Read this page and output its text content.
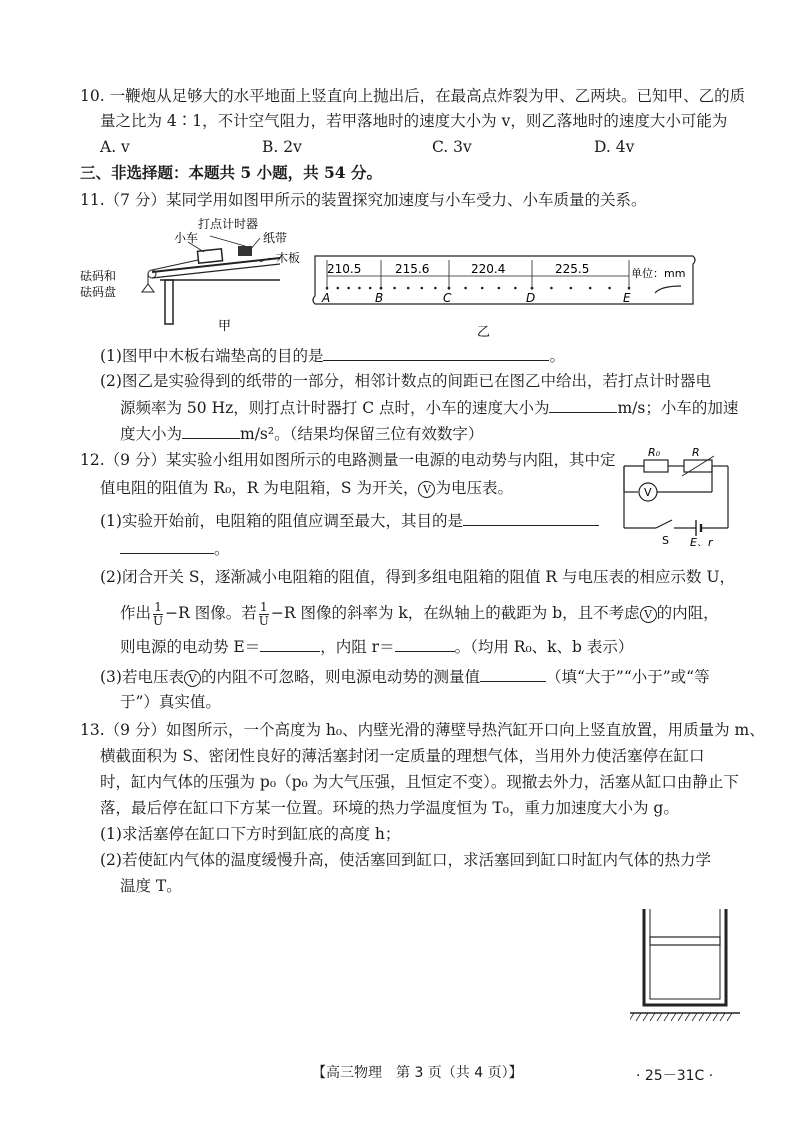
10. 一鞭炮从足够大的水平地面上竖直向上抛出后，在最高点炸裂为甲、乙两块。已知甲、乙的质
量之比为 4∶1，不计空气阻力，若甲落地时的速度大小为 v，则乙落地时的速度大小可能为
A. v	B. 2v	C. 3v	D. 4v
三、非选择题：本题共 5 小题，共 54 分。
11.（7 分）某同学用如图甲所示的装置探究加速度与小车受力、小车质量的关系。
打点计时器
小车	纸带
木板
砝码和
砝码盘
甲
210.5	215.6	220.4	225.5	单位：mm
A	B	C	D	E
乙
(1)图甲中木板右端垫高的目的是	。
(2)图乙是实验得到的纸带的一部分，相邻计数点的间距已在图乙中给出，若打点计时器电
源频率为 50 Hz，则打点计时器打 C 点时，小车的速度大小为	m/s；小车的加速
度大小为	m/s²。（结果均保留三位有效数字）
12.（9 分）某实验小组用如图所示的电路测量一电源的电动势与内阻，其中定
值电阻的阻值为 R₀，R 为电阻箱，S 为开关， V 为电压表。	V
R₀	R
S E、r
(1)实验开始前，电阻箱的阻值应调至最大，其目的是
。
(2)闭合开关 S，逐渐减小电阻箱的阻值，得到多组电阻箱的阻值 R 与电压表的相应示数 U，
作出 $\frac{1}{U} -R$ 图像。若 $\frac{1}{U} -R$ 图像的斜率为 k，在纵轴上的截距为 b，且不考虑 V 的内阻，
则电源的电动势 E＝	，内阻 r＝	。（均用 R₀、k、b 表示）
(3)若电压表 V 的内阻不可忽略，则电源电动势的测量值	（填“大于”“小于”或“等
于”）真实值。
13.（9 分）如图所示，一个高度为 h₀、内壁光滑的薄壁导热汽缸开口向上竖直放置，用质量为 m、
横截面积为 S、密闭性良好的薄活塞封闭一定质量的理想气体，当用外力使活塞停在缸口
时，缸内气体的压强为 p₀（p₀ 为大气压强，且恒定不变）。现撤去外力，活塞从缸口由静止下
落，最后停在缸口下方某一位置。环境的热力学温度恒为 T₀，重力加速度大小为 g。
(1)求活塞停在缸口下方时到缸底的高度 h；
(2)若使缸内气体的温度缓慢升高，使活塞回到缸口，求活塞回到缸口时缸内气体的热力学
温度 T。
【高三物理　第 3 页（共 4 页）】	· 25－31C ·
